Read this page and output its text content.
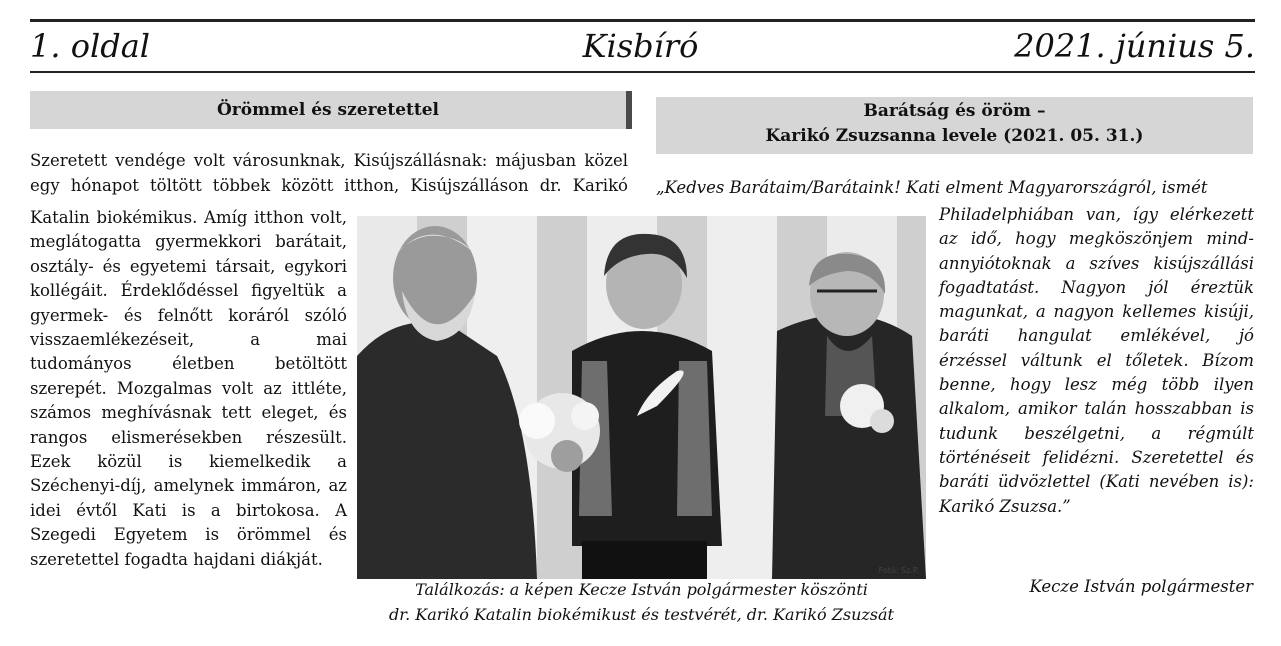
1. oldal	Kisbíró	2021. június 5.
Örömmel és szeretettel

Szeretett vendége volt városunknak, Kisújszállásnak: májusban közel

egy hónapot töltött többek között itthon, Kisújszálláson dr. Karikó

Katalin biokémikus. Amíg itthon volt, meglátogatta gyermekkori barátait, osztály- és egyetemi társait, egykori kollégáit. Érdeklődéssel figyeltük a gyermek- és felnőtt koráról szóló visszaemlékezéseit, a mai tudományos életben betöltött szerepét. Mozgalmas volt az ittléte, számos meghívásnak tett eleget, és rangos elismerésekben részesült. Ezek közül is kiemelkedik a Széchenyi-díj, amelynek immáron, az idei évtől Kati is a birtokosa. A Szegedi Egyetem is örömmel és szeretettel fogadta hajdani diákját.
Barátság és öröm –
Karikó Zsuzsanna levele (2021. 05. 31.)
„Kedves Barátaim/Barátaink! Kati elment Magyarországról, ismét
Philadelphiában van, így elérkezett az idő, hogy megköszönjem mind-annyiótoknak a szíves kisújszállási fogadtatást. Nagyon jól éreztük magunkat, a nagyon kellemes kisúji, baráti hangulat emlékével, jó érzéssel váltunk el tőletek. Bízom benne, hogy lesz még több ilyen alkalom, amikor talán hosszabban is tudunk beszélgetni, a régmúlt történéseit felidézni. Szeretettel és baráti üdvözlettel (Kati nevében is): Karikó Zsuzsa.”
Kecze István polgármester
Fotó: Sz.P.
Találkozás: a képen Kecze István polgármester köszönti
dr. Karikó Katalin biokémikust és testvérét, dr. Karikó Zsuzsát
